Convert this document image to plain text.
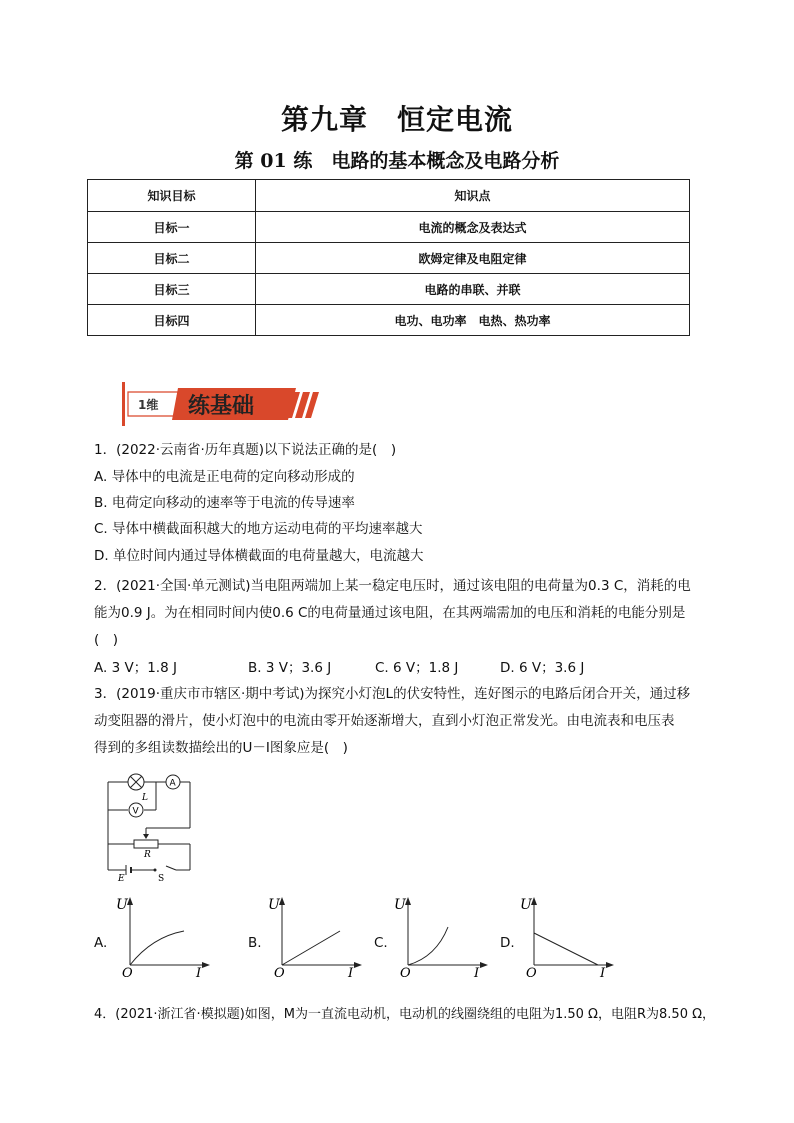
第九章　恒定电流
第 01 练　电路的基本概念及电路分析
知识目标	知识点
目标一	电流的概念及表达式
目标二	欧姆定律及电阻定律
目标三	电路的串联、并联
目标四	电功、电功率　电热、热功率
1维 练基础
1．(2022·云南省·历年真题)以下说法正确的是(　)
A. 导体中的电流是正电荷的定向移动形成的
B. 电荷定向移动的速率等于电流的传导速率
C. 导体中横截面积越大的地方运动电荷的平均速率越大
D. 单位时间内通过导体横截面的电荷量越大，电流越大
2．(2021·全国·单元测试)当电阻两端加上某一稳定电压时，通过该电阻的电荷量为0.3 C，消耗的电
能为0.9 J。为在相同时间内使0.6 C的电荷量通过该电阻，在其两端需加的电压和消耗的电能分别是
(　)
A. 3 V；1.8 J	B. 3 V；3.6 J	C. 6 V；1.8 J	D. 6 V；3.6 J
3．(2019·重庆市市辖区·期中考试)为探究小灯泡L的伏安特性，连好图示的电路后闭合开关，通过移
动变阻器的滑片，使小灯泡中的电流由零开始逐渐增大，直到小灯泡正常发光。由电流表和电压表
得到的多组读数描绘出的U－I图象应是(　)
A
V
L
R
E	S
A.
U
O	I
B.
U
O	I
C.
U
O	I
D.
U
O	I
4．(2021·浙江省·模拟题)如图，M为一直流电动机，电动机的线圈绕组的电阻为1.50 Ω，电阻R为8.50 Ω，
